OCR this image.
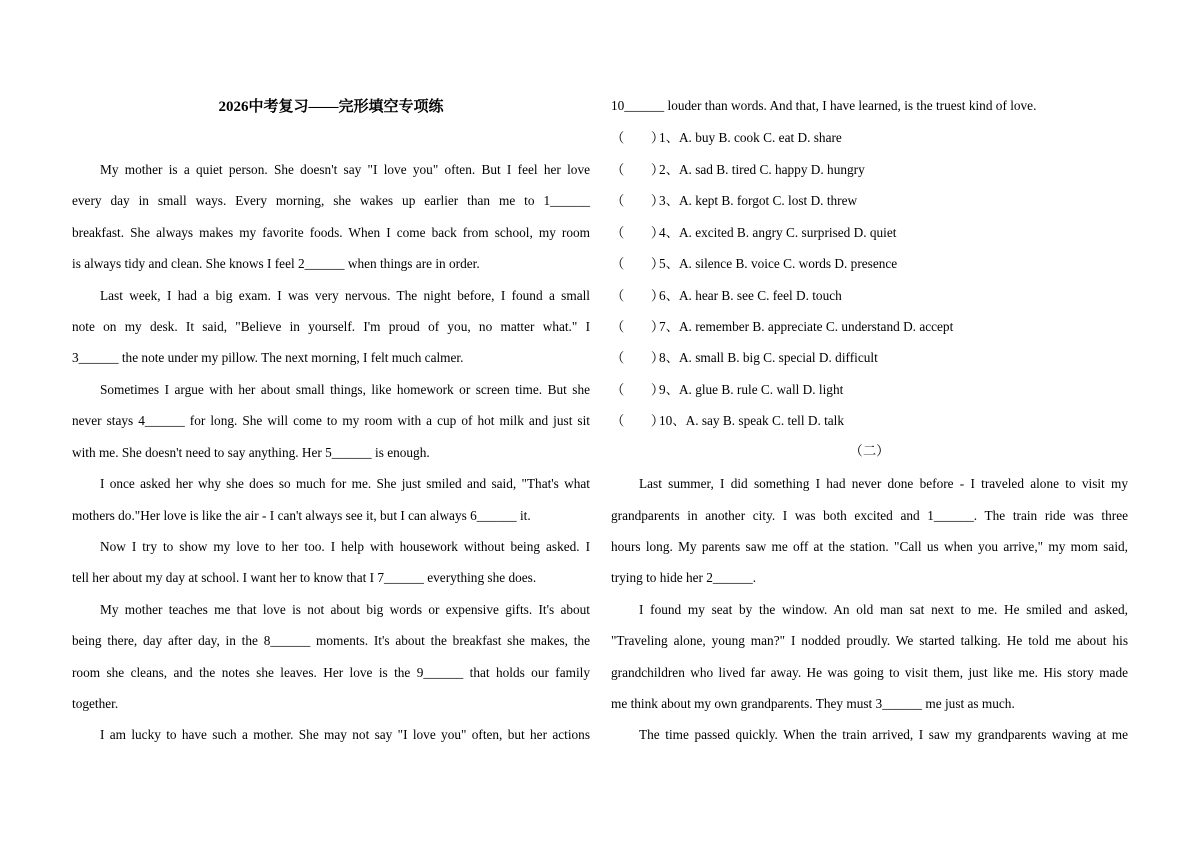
2026中考复习——完形填空专项练
My mother is a quiet person. She doesn't say "I love you" often. But I feel her love
every day in small ways. Every morning, she wakes up earlier than me to 1______
breakfast. She always makes my favorite foods. When I come back from school, my room
is always tidy and clean. She knows I feel 2______ when things are in order.
Last week, I had a big exam. I was very nervous. The night before, I found a small
note on my desk. It said, "Believe in yourself. I'm proud of you, no matter what." I
3______ the note under my pillow. The next morning, I felt much calmer.
Sometimes I argue with her about small things, like homework or screen time. But she
never stays 4______ for long. She will come to my room with a cup of hot milk and just sit
with me. She doesn't need to say anything. Her 5______ is enough.
I once asked her why she does so much for me. She just smiled and said, "That's what
mothers do."Her love is like the air - I can't always see it, but I can always 6______ it.
Now I try to show my love to her too. I help with housework without being asked. I
tell her about my day at school. I want her to know that I 7______ everything she does.
My mother teaches me that love is not about big words or expensive gifts. It's about
being there, day after day, in the 8______ moments. It's about the breakfast she makes, the
room she cleans, and the notes she leaves. Her love is the 9______ that holds our family
together.
I am lucky to have such a mother. She may not say "I love you" often, but her actions
10______ louder than words. And that, I have learned, is the truest kind of love.
（　　）1、A. buy B. cook C. eat D. share
（　　）2、A. sad B. tired C. happy D. hungry
（　　）3、A. kept B. forgot C. lost D. threw
（　　）4、A. excited B. angry C. surprised D. quiet
（　　）5、A. silence B. voice C. words D. presence
（　　）6、A. hear B. see C. feel D. touch
（　　）7、A. remember B. appreciate C. understand D. accept
（　　）8、A. small B. big C. special D. difficult
（　　）9、A. glue B. rule C. wall D. light
（　　）10、A. say B. speak C. tell D. talk
（二）
Last summer, I did something I had never done before - I traveled alone to visit my
grandparents in another city. I was both excited and 1______. The train ride was three
hours long. My parents saw me off at the station. "Call us when you arrive," my mom said,
trying to hide her 2______.
I found my seat by the window. An old man sat next to me. He smiled and asked,
"Traveling alone, young man?" I nodded proudly. We started talking. He told me about his
grandchildren who lived far away. He was going to visit them, just like me. His story made
me think about my own grandparents. They must 3______ me just as much.
The time passed quickly. When the train arrived, I saw my grandparents waving at me
